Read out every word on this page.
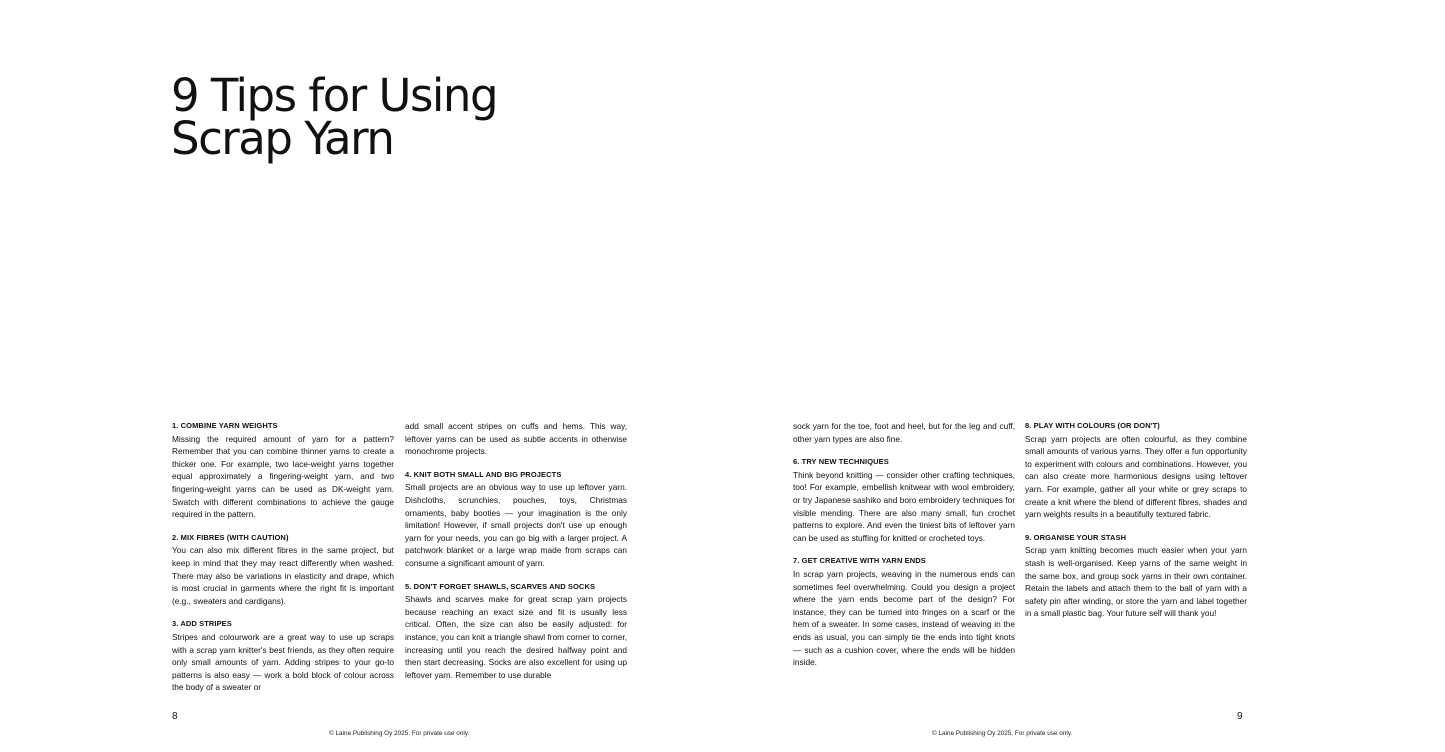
9 Tips for Using
Scrap Yarn

1. COMBINE YARN WEIGHTS
Missing the required amount of yarn for a pattern? Remember that you can combine thinner yarns to create a thicker one. For example, two lace-weight yarns together equal approximately a fingering-weight yarn, and two fingering-weight yarns can be used as DK-weight yarn. Swatch with different combinations to achieve the gauge required in the pattern.

2. MIX FIBRES (WITH CAUTION)
You can also mix different fibres in the same project, but keep in mind that they may react differently when washed. There may also be variations in elasticity and drape, which is most crucial in garments where the right fit is important (e.g., sweaters and cardigans).

3. ADD STRIPES
Stripes and colourwork are a great way to use up scraps with a scrap yarn knitter's best friends, as they often require only small amounts of yarn. Adding stripes to your go-to patterns is also easy — work a bold block of colour across the body of a sweater or

add small accent stripes on cuffs and hems. This way, leftover yarns can be used as subtle accents in otherwise monochrome projects.

4. KNIT BOTH SMALL AND BIG PROJECTS
Small projects are an obvious way to use up leftover yarn. Dishcloths, scrunchies, pouches, toys, Christmas ornaments, baby booties — your imagination is the only limitation! However, if small projects don't use up enough yarn for your needs, you can go big with a larger project. A patchwork blanket or a large wrap made from scraps can consume a significant amount of yarn.

5. DON'T FORGET SHAWLS, SCARVES AND SOCKS
Shawls and scarves make for great scrap yarn projects because reaching an exact size and fit is usually less critical. Often, the size can also be easily adjusted: for instance, you can knit a triangle shawl from corner to corner, increasing until you reach the desired halfway point and then start decreasing. Socks are also excellent for using up leftover yarn. Remember to use durable

sock yarn for the toe, foot and heel, but for the leg and cuff, other yarn types are also fine.

6. TRY NEW TECHNIQUES
Think beyond knitting — consider other crafting techniques, too! For example, embellish knitwear with wool embroidery, or try Japanese sashiko and boro embroidery techniques for visible mending. There are also many small, fun crochet patterns to explore. And even the tiniest bits of leftover yarn can be used as stuffing for knitted or crocheted toys.

7. GET CREATIVE WITH YARN ENDS
In scrap yarn projects, weaving in the numerous ends can sometimes feel overwhelming. Could you design a project where the yarn ends become part of the design? For instance, they can be turned into fringes on a scarf or the hem of a sweater. In some cases, instead of weaving in the ends as usual, you can simply tie the ends into tight knots — such as a cushion cover, where the ends will be hidden inside.

8. PLAY WITH COLOURS (OR DON'T)
Scrap yarn projects are often colourful, as they combine small amounts of various yarns. They offer a fun opportunity to experiment with colours and combinations. However, you can also create more harmonious designs using leftover yarn. For example, gather all your white or grey scraps to create a knit where the blend of different fibres, shades and yarn weights results in a beautifully textured fabric.

9. ORGANISE YOUR STASH
Scrap yarn knitting becomes much easier when your yarn stash is well-organised. Keep yarns of the same weight in the same box, and group sock yarns in their own container. Retain the labels and attach them to the ball of yarn with a safety pin after winding, or store the yarn and label together in a small plastic bag. Your future self will thank you!

8	9
© Laine Publishing Oy 2025. For private use only.	© Laine Publishing Oy 2025. For private use only.
